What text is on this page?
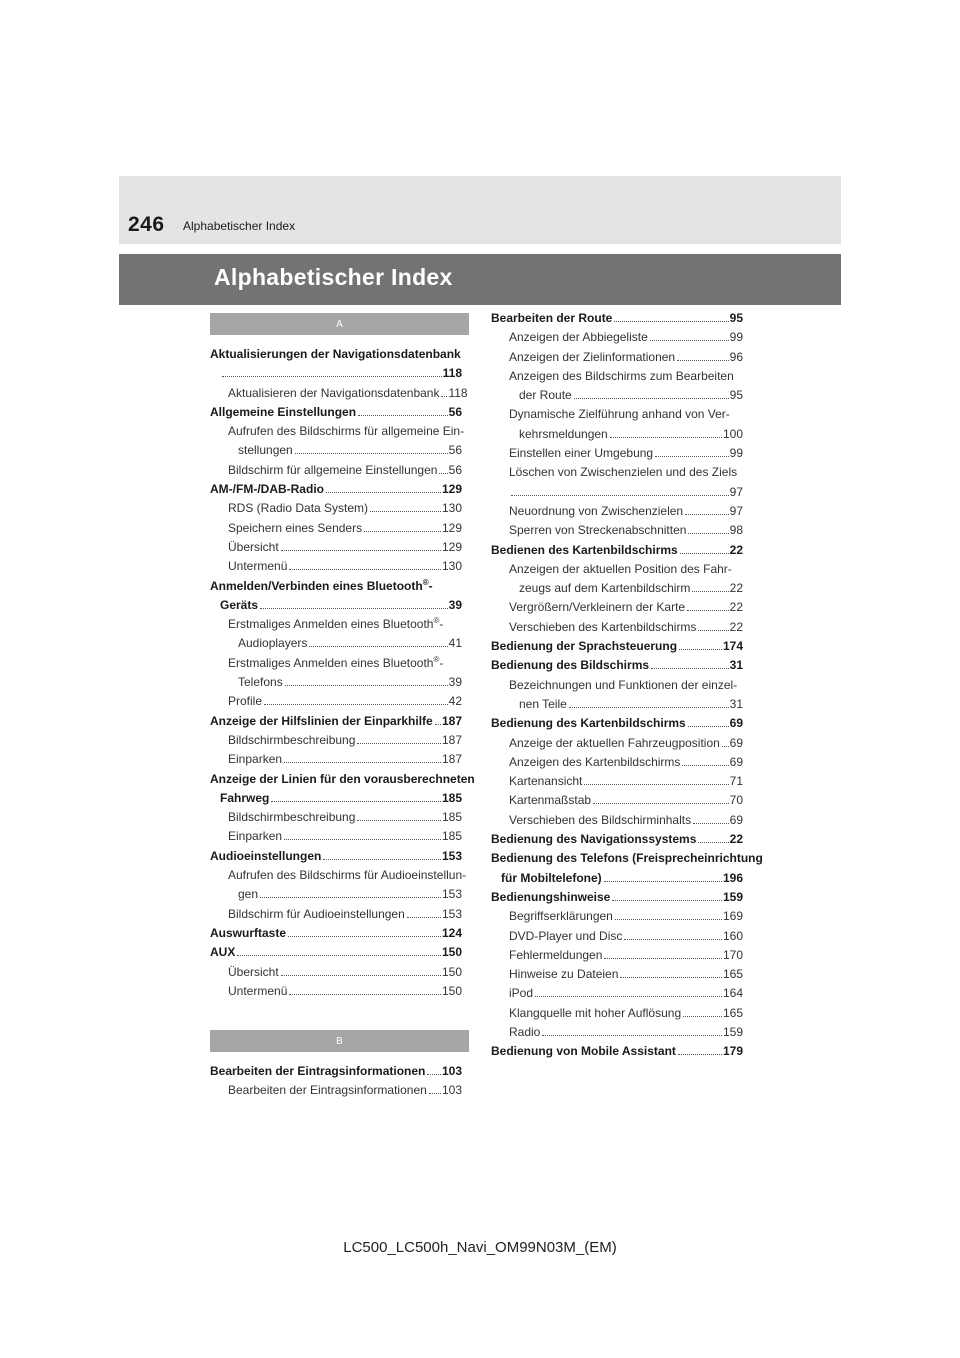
246 Alphabetischer Index
Alphabetischer Index
A
Aktualisierungen der Navigationsdatenbank
118
Aktualisieren der Navigationsdatenbank 118
Allgemeine Einstellungen	56
Aufrufen des Bildschirms für allgemeine Ein-
stellungen	56
Bildschirm für allgemeine Einstellungen 56
AM-/FM-/DAB-Radio	129
RDS (Radio Data System)	130
Speichern eines Senders	129
Übersicht	129
Untermenü	130
Anmelden/Verbinden eines Bluetooth®-
Geräts	39
Erstmaliges Anmelden eines Bluetooth®-
Audioplayers	41
Erstmaliges Anmelden eines Bluetooth®-
Telefons	39
Profile	42
Anzeige der Hilfslinien der Einparkhilfe 187
Bildschirmbeschreibung	187
Einparken	187
Anzeige der Linien für den vorausberechneten
Fahrweg	185
Bildschirmbeschreibung	185
Einparken	185
Audioeinstellungen	153
Aufrufen des Bildschirms für Audioeinstellun-
gen	153
Bildschirm für Audioeinstellungen	153
Auswurftaste	124
AUX	150
Übersicht	150
Untermenü	150
B
Bearbeiten der Eintragsinformationen 103
Bearbeiten der Eintragsinformationen 103
Bearbeiten der Route	95
Anzeigen der Abbiegeliste	99
Anzeigen der Zielinformationen	96
Anzeigen des Bildschirms zum Bearbeiten
der Route	95
Dynamische Zielführung anhand von Ver-
kehrsmeldungen	100
Einstellen einer Umgebung	99
Löschen von Zwischenzielen und des Ziels
97
Neuordnung von Zwischenzielen	97
Sperren von Streckenabschnitten	98
Bedienen des Kartenbildschirms	22
Anzeigen der aktuellen Position des Fahr-
zeugs auf dem Kartenbildschirm	22
Vergrößern/Verkleinern der Karte	22
Verschieben des Kartenbildschirms	22
Bedienung der Sprachsteuerung	174
Bedienung des Bildschirms	31
Bezeichnungen und Funktionen der einzel-
nen Teile	31
Bedienung des Kartenbildschirms	69
Anzeige der aktuellen Fahrzeugposition 69
Anzeigen des Kartenbildschirms	69
Kartenansicht	71
Kartenmaßstab	70
Verschieben des Bildschirminhalts	69
Bedienung des Navigationssystems	22
Bedienung des Telefons (Freisprecheinrichtung
für Mobiltelefone)	196
Bedienungshinweise	159
Begriffserklärungen	169
DVD-Player und Disc	160
Fehlermeldungen	170
Hinweise zu Dateien	165
iPod	164
Klangquelle mit hoher Auflösung	165
Radio	159
Bedienung von Mobile Assistant	179
LC500_LC500h_Navi_OM99N03M_(EM)
